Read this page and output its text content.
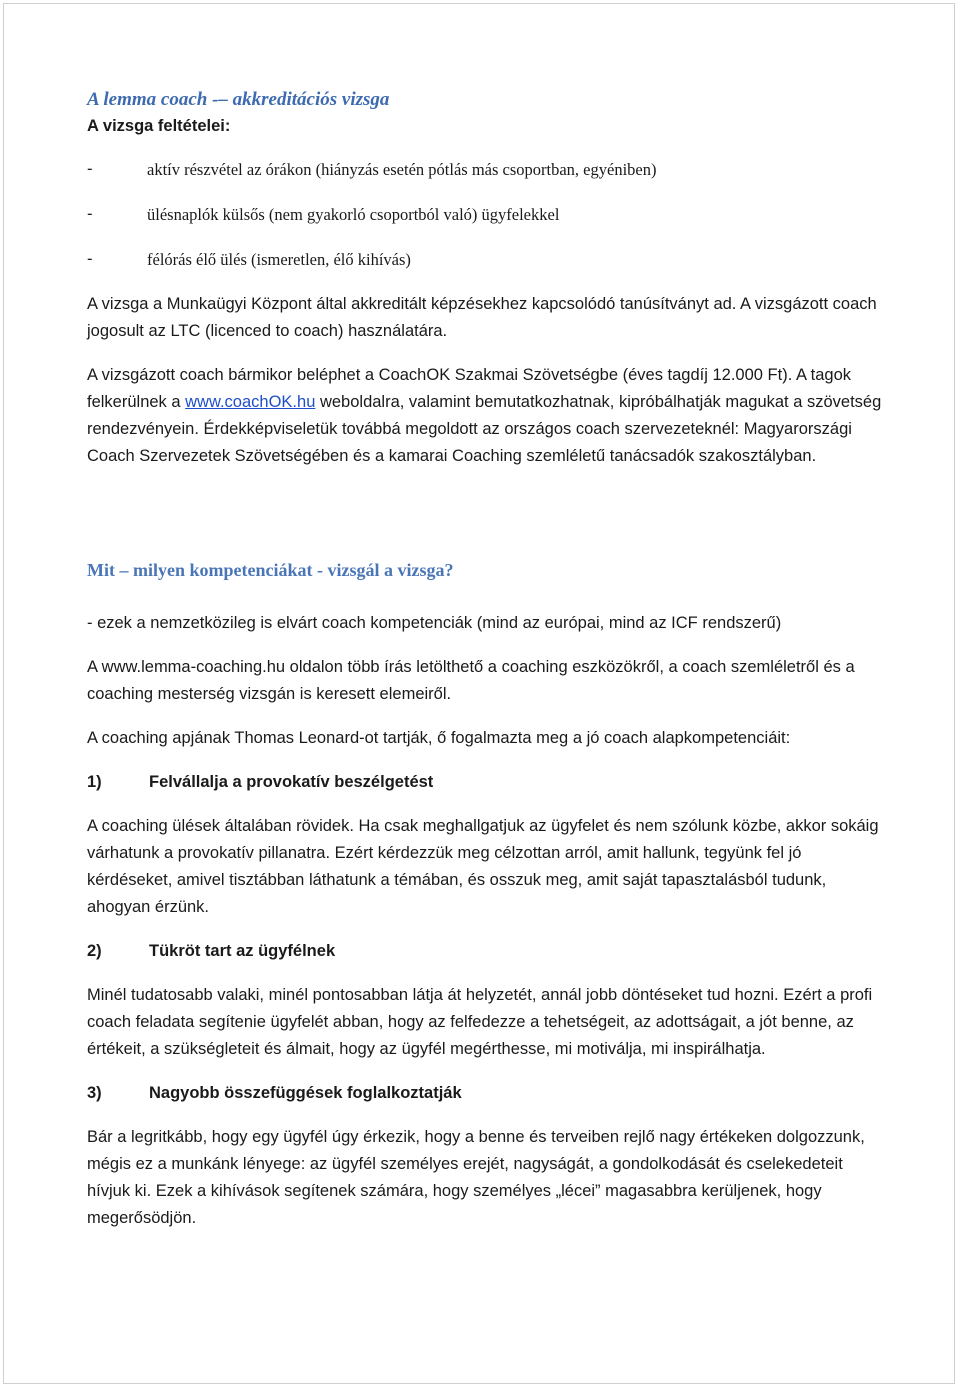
A lemma coach -– akkreditációs vizsga
A vizsga feltételei:
-	aktív részvétel az órákon (hiányzás esetén pótlás más csoportban, egyéniben)
-	ülésnaplók külsős (nem gyakorló csoportból való) ügyfelekkel
-	félórás élő ülés (ismeretlen, élő kihívás)

A vizsga a Munkaügyi Központ által akkreditált képzésekhez kapcsolódó tanúsítványt ad. A vizsgázott coach jogosult az LTC (licenced to coach) használatára.

A vizsgázott coach bármikor beléphet a CoachOK Szakmai Szövetségbe (éves tagdíj 12.000 Ft). A tagok felkerülnek a www.coachOK.hu weboldalra, valamint bemutatkozhatnak, kipróbálhatják magukat a szövetség rendezvényein. Érdekképviseletük továbbá megoldott az országos coach szervezeteknél: Magyarországi Coach Szervezetek Szövetségében és a kamarai Coaching szemléletű tanácsadók szakosztályban.

Mit – milyen kompetenciákat - vizsgál a vizsga?

- ezek a nemzetközileg is elvárt coach kompetenciák (mind az európai, mind az ICF rendszerű)

A www.lemma-coaching.hu oldalon több írás letölthető a coaching eszközökről, a coach szemléletről és a coaching mesterség vizsgán is keresett elemeiről.

A coaching apjának Thomas Leonard-ot tartják, ő fogalmazta meg a jó coach alapkompetenciáit:

1)	Felvállalja a provokatív beszélgetést

A coaching ülések általában rövidek. Ha csak meghallgatjuk az ügyfelet és nem szólunk közbe, akkor sokáig várhatunk a provokatív pillanatra. Ezért kérdezzük meg célzottan arról, amit hallunk, tegyünk fel jó kérdéseket, amivel tisztábban láthatunk a témában, és osszuk meg, amit saját tapasztalásból tudunk, ahogyan érzünk.

2)	Tükröt tart az ügyfélnek

Minél tudatosabb valaki, minél pontosabban látja át helyzetét, annál jobb döntéseket tud hozni. Ezért a profi coach feladata segítenie ügyfelét abban, hogy az felfedezze a tehetségeit, az adottságait, a jót benne, az értékeit, a szükségleteit és álmait, hogy az ügyfél megérthesse, mi motiválja, mi inspirálhatja.

3)	Nagyobb összefüggések foglalkoztatják

Bár a legritkább, hogy egy ügyfél úgy érkezik, hogy a benne és terveiben rejlő nagy értékeken dolgozzunk, mégis ez a munkánk lényege: az ügyfél személyes erejét, nagyságát, a gondolkodását és cselekedeteit hívjuk ki. Ezek a kihívások segítenek számára, hogy személyes „lécei” magasabbra kerüljenek, hogy megerősödjön.
